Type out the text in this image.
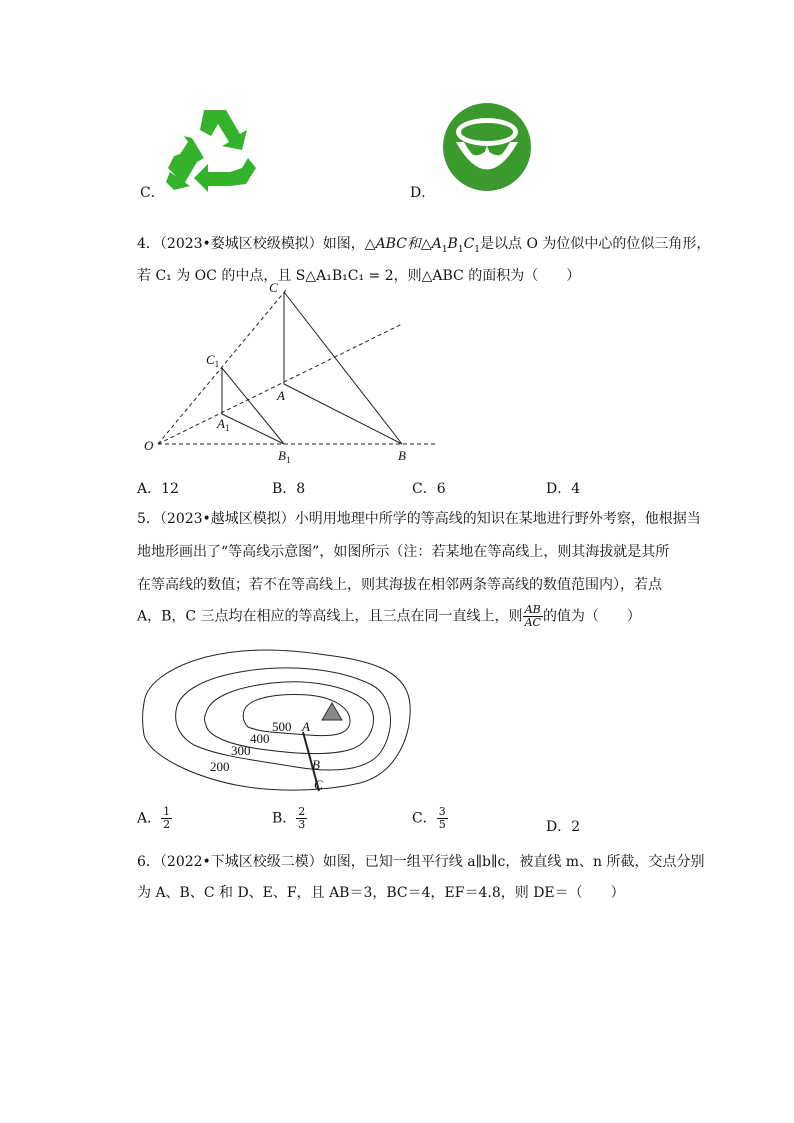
C．	D．
4．（2023•婺城区校级模拟）如图，△ABC和$\triangle A_1B_1C_1$是以点 O 为位似中心的位似三角形，
若 C₁ 为 OC 的中点，且 S△A₁B₁C₁ = 2，则△ABC 的面积为（　　）
C
$C_1$
A
$A_1$
O
$B_1$	B
A．12	B．8	C．6	D．4
5．（2023•越城区模拟）小明用地理中所学的等高线的知识在某地进行野外考察，他根据当
地地形画出了“等高线示意图”，如图所示（注：若某地在等高线上，则其海拔就是其所
在等高线的数值；若不在等高线上，则其海拔在相邻两条等高线的数值范围内），若点
A，B，C 三点均在相应的等高线上，且三点在同一直线上，则 $\frac{AB}{AC}$ 的值为（　　）
500
400
300
200
A
B
C
A． $\frac{1}{2}$	B． $\frac{2}{3}$	C． $\frac{3}{5}$	D．2
6．（2022•下城区校级二模）如图，已知一组平行线 a∥b∥c，被直线 m、n 所截，交点分别
为 A、B、C 和 D、E、F，且 AB＝3，BC＝4，EF＝4.8，则 DE＝（　　）
